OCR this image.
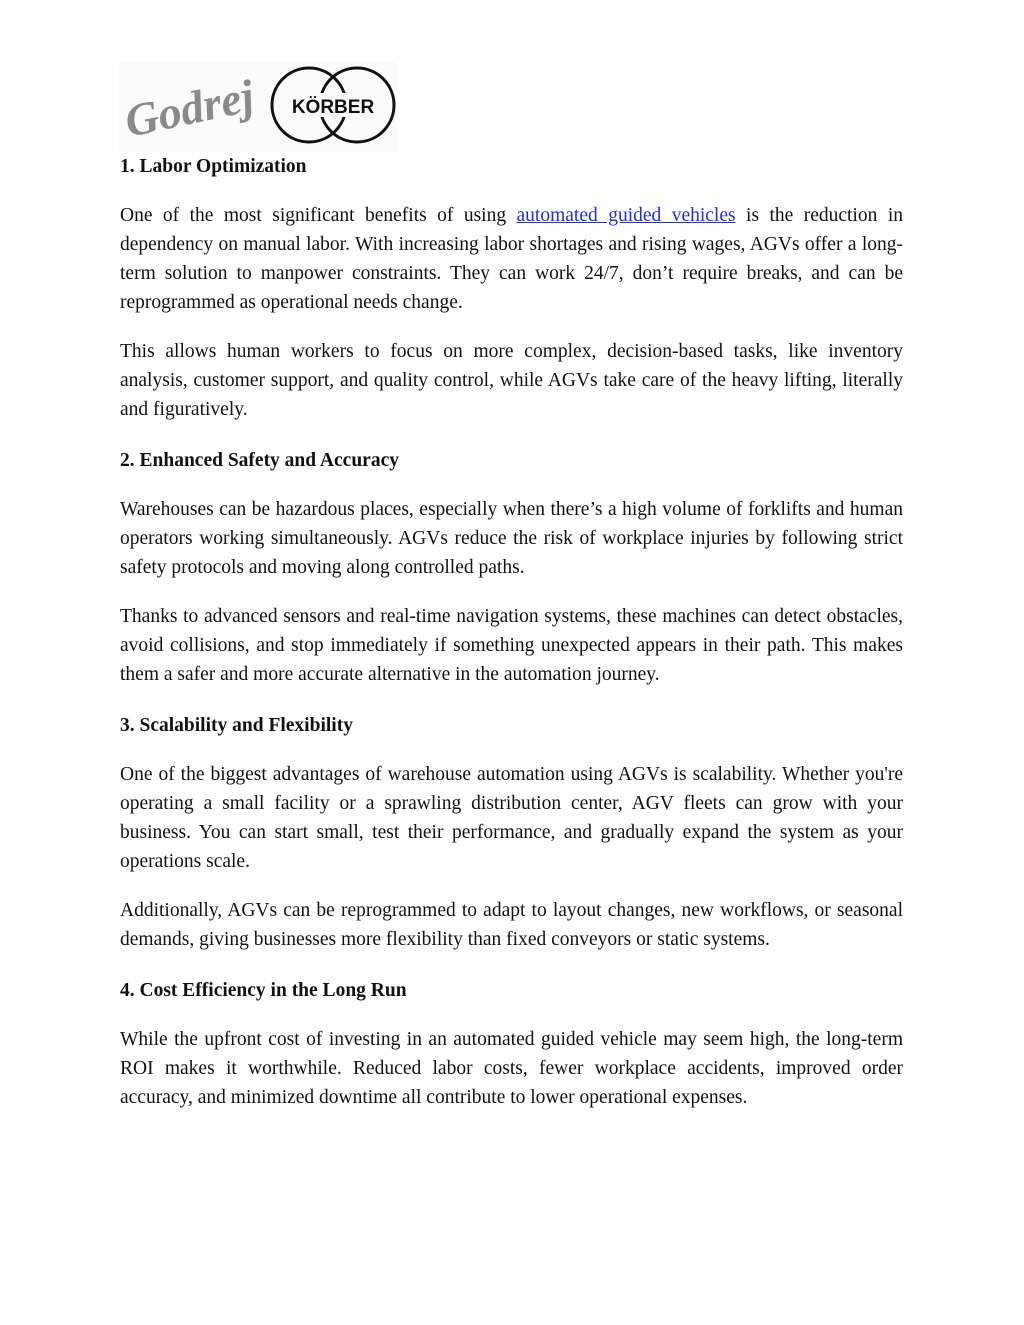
Godrej KÖRBER
1. Labor Optimization

One of the most significant benefits of using automated guided vehicles is the reduction in dependency on manual labor. With increasing labor shortages and rising wages, AGVs offer a long-term solution to manpower constraints. They can work 24/7, don’t require breaks, and can be reprogrammed as operational needs change.

This allows human workers to focus on more complex, decision-based tasks, like inventory analysis, customer support, and quality control, while AGVs take care of the heavy lifting, literally and figuratively.

2. Enhanced Safety and Accuracy

Warehouses can be hazardous places, especially when there’s a high volume of forklifts and human operators working simultaneously. AGVs reduce the risk of workplace injuries by following strict safety protocols and moving along controlled paths.

Thanks to advanced sensors and real-time navigation systems, these machines can detect obstacles, avoid collisions, and stop immediately if something unexpected appears in their path. This makes them a safer and more accurate alternative in the automation journey.

3. Scalability and Flexibility

One of the biggest advantages of warehouse automation using AGVs is scalability. Whether you're operating a small facility or a sprawling distribution center, AGV fleets can grow with your business. You can start small, test their performance, and gradually expand the system as your operations scale.

Additionally, AGVs can be reprogrammed to adapt to layout changes, new workflows, or seasonal demands, giving businesses more flexibility than fixed conveyors or static systems.

4. Cost Efficiency in the Long Run

While the upfront cost of investing in an automated guided vehicle may seem high, the long-term ROI makes it worthwhile. Reduced labor costs, fewer workplace accidents, improved order accuracy, and minimized downtime all contribute to lower operational expenses.
